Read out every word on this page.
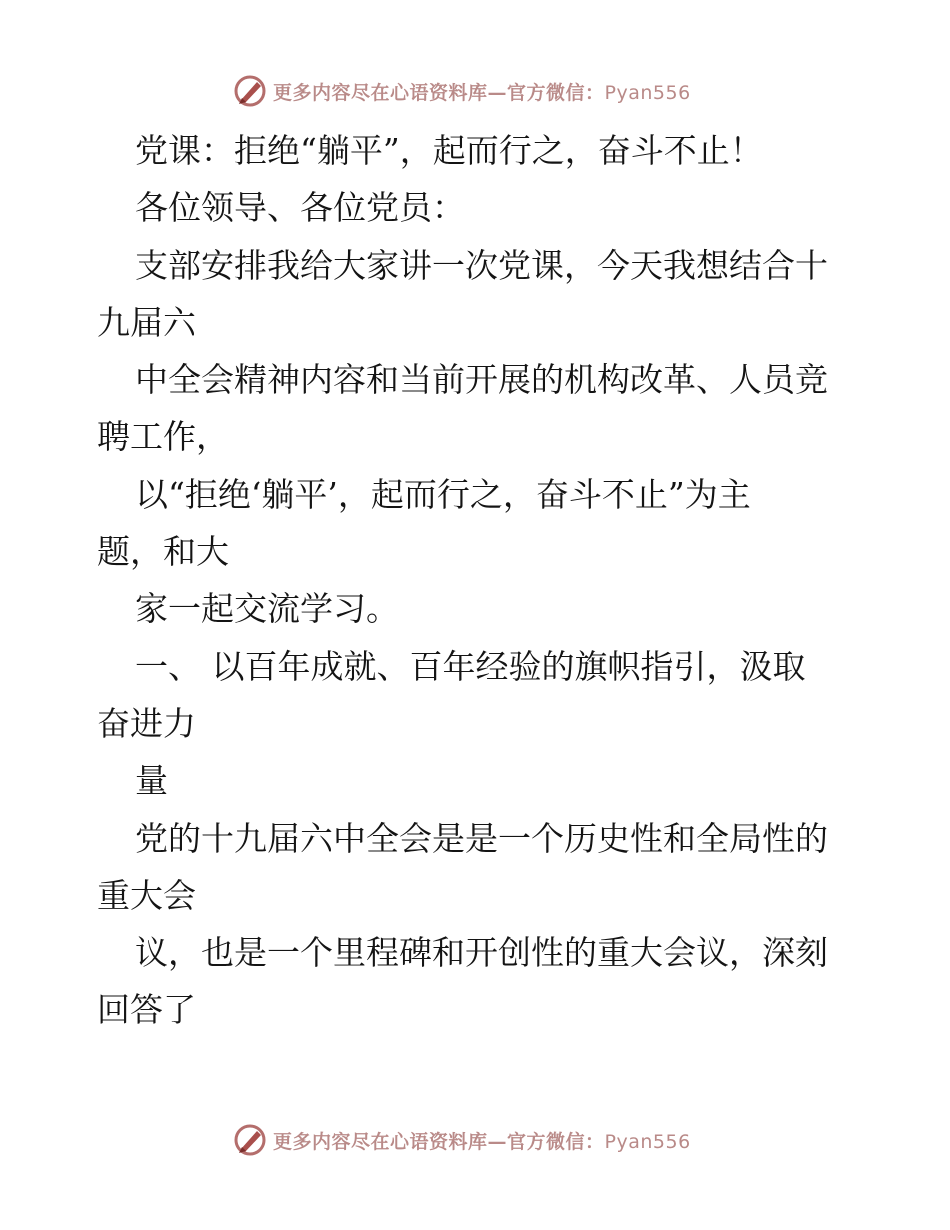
更多内容尽在心语资料库—官方微信：Pyan556
党课：拒绝“躺平”，起而行之，奋斗不止！
各位领导、各位党员：
支部安排我给大家讲一次党课，今天我想结合十
九届六
中全会精神内容和当前开展的机构改革、人员竞
聘工作，
以“拒绝‘躺平’，起而行之，奋斗不止”为主
题，和大
家一起交流学习。
一、 以百年成就、百年经验的旗帜指引，汲取
奋进力
量
党的十九届六中全会是是一个历史性和全局性的
重大会
议，也是一个里程碑和开创性的重大会议，深刻
回答了
更多内容尽在心语资料库—官方微信：Pyan556
